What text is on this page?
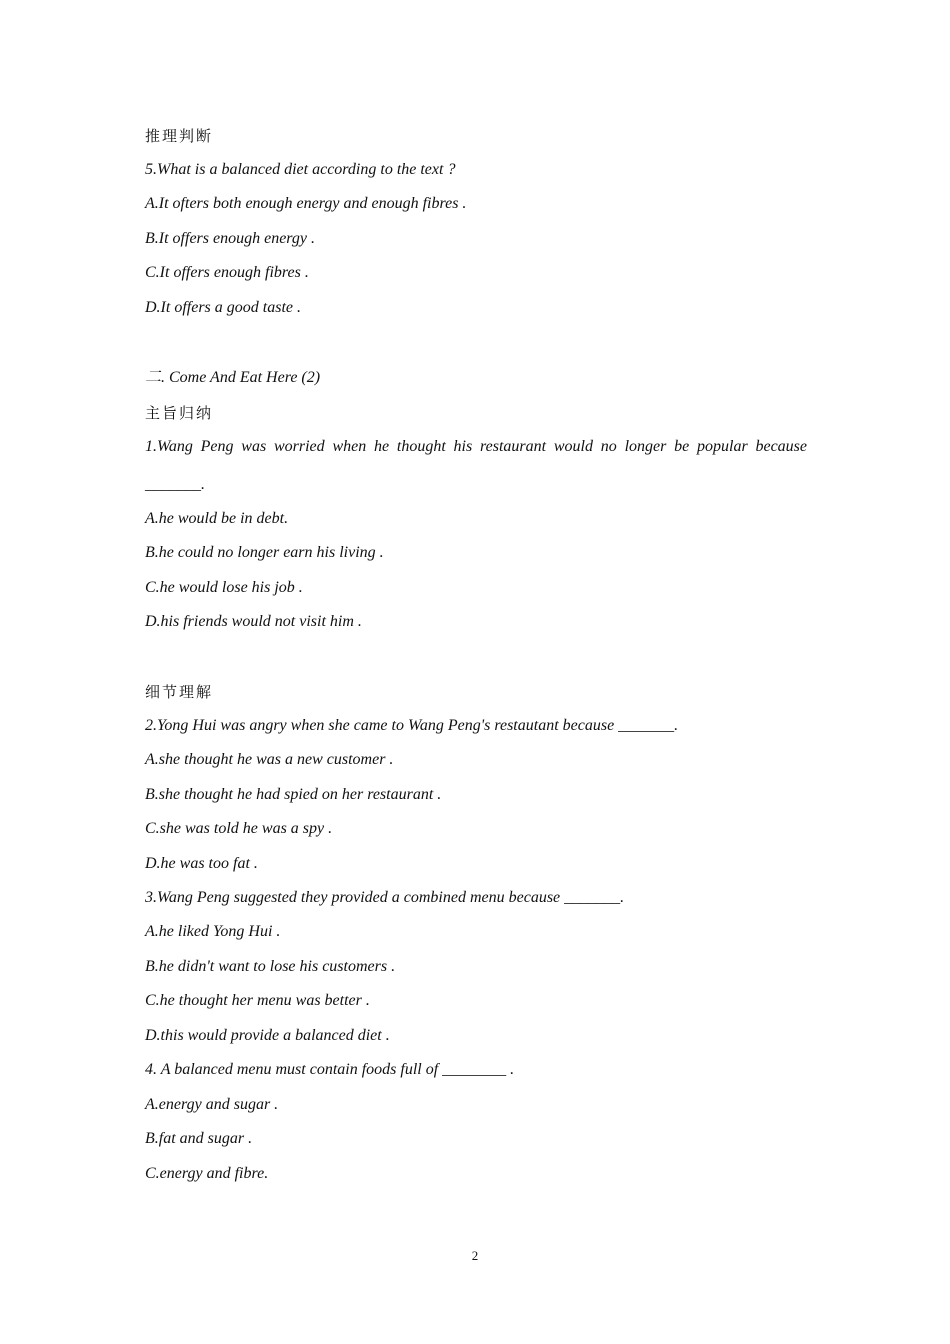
推理判断
5.What is a balanced diet according to the text ?
A.It ofters both enough energy and enough fibres .
B.It offers enough energy .
C.It offers enough fibres .
D.It offers a good taste .
二. Come And Eat Here (2)
主旨归纳
1.Wang Peng was worried when he thought his restaurant would no longer be popular because
_______.
A.he would be in debt.
B.he could no longer earn his living .
C.he would lose his job .
D.his friends would not visit him .
细节理解
2.Yong Hui was angry when she came to Wang Peng's restautant because _______.
A.she thought he was a new customer .
B.she thought he had spied on her restaurant .
C.she was told he was a spy .
D.he was too fat .
3.Wang Peng suggested they provided a combined menu because _______.
A.he liked Yong Hui .
B.he didn't want to lose his customers .
C.he thought her menu was better .
D.this would provide a balanced diet .
4. A balanced menu must contain foods full of ________ .
A.energy and sugar .
B.fat and sugar .
C.energy and fibre.
2
